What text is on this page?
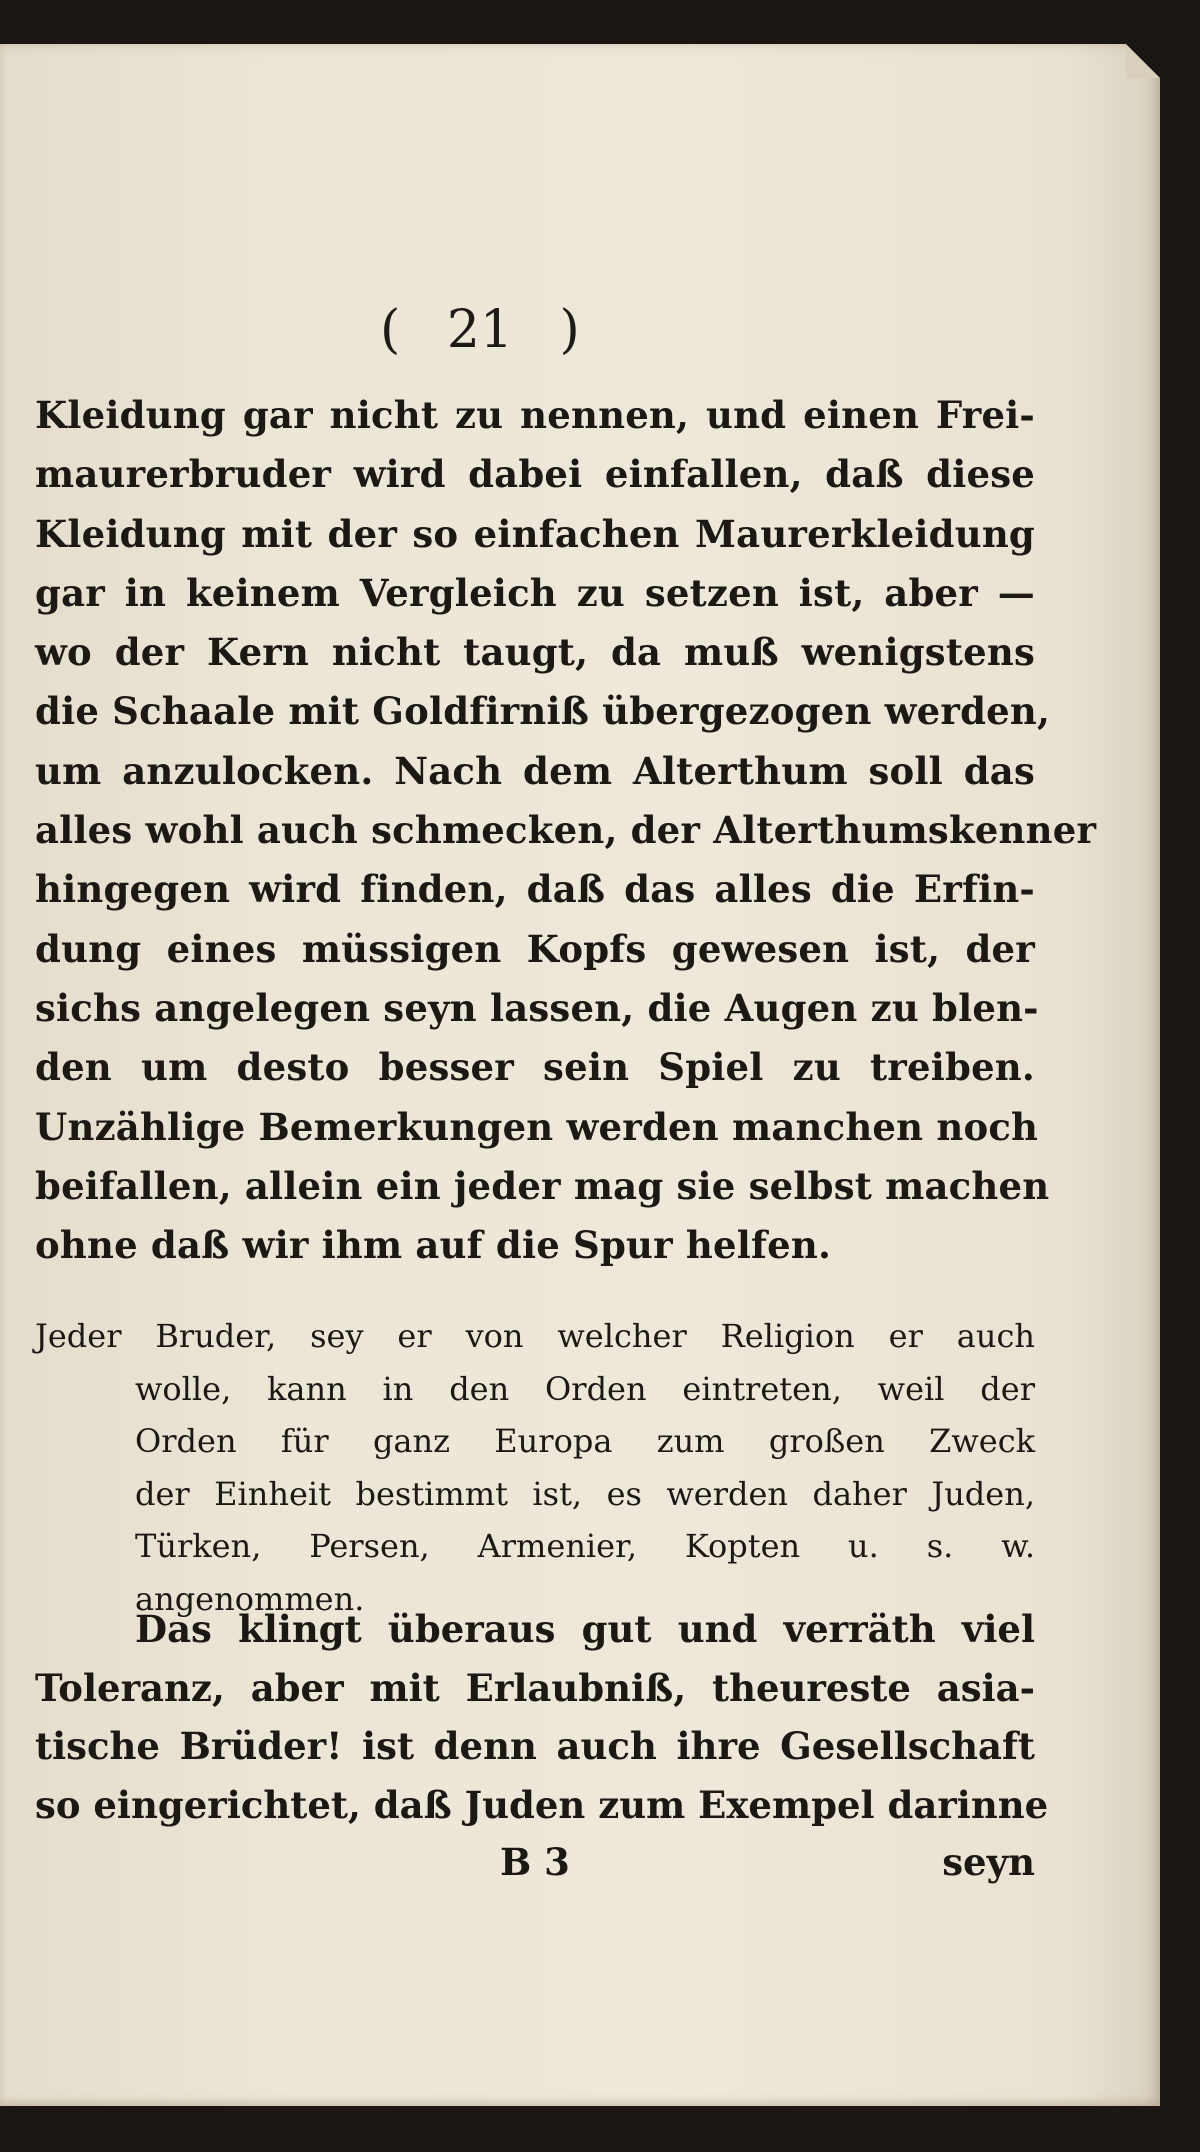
( 21 )
Kleidung gar nicht zu nennen, und einen Frei-
maurerbruder wird dabei einfallen, daß diese
Kleidung mit der so einfachen Maurerkleidung
gar in keinem Vergleich zu setzen ist, aber —
wo der Kern nicht taugt, da muß wenigstens
die Schaale mit Goldfirniß übergezogen werden,
um anzulocken. Nach dem Alterthum soll das
alles wohl auch schmecken, der Alterthumskenner
hingegen wird finden, daß das alles die Erfin-
dung eines müssigen Kopfs gewesen ist, der
sichs angelegen seyn lassen, die Augen zu blen-
den um desto besser sein Spiel zu treiben.
Unzählige Bemerkungen werden manchen noch
beifallen, allein ein jeder mag sie selbst machen
ohne daß wir ihm auf die Spur helfen.
Jeder Bruder, sey er von welcher Religion er auch
wolle, kann in den Orden eintreten, weil der
Orden für ganz Europa zum großen Zweck
der Einheit bestimmt ist, es werden daher Juden,
Türken, Persen, Armenier, Kopten u. s. w.
angenommen.
Das klingt überaus gut und verräth viel
Toleranz, aber mit Erlaubniß, theureste asia-
tische Brüder! ist denn auch ihre Gesellschaft
so eingerichtet, daß Juden zum Exempel darinne
B 3	seyn
